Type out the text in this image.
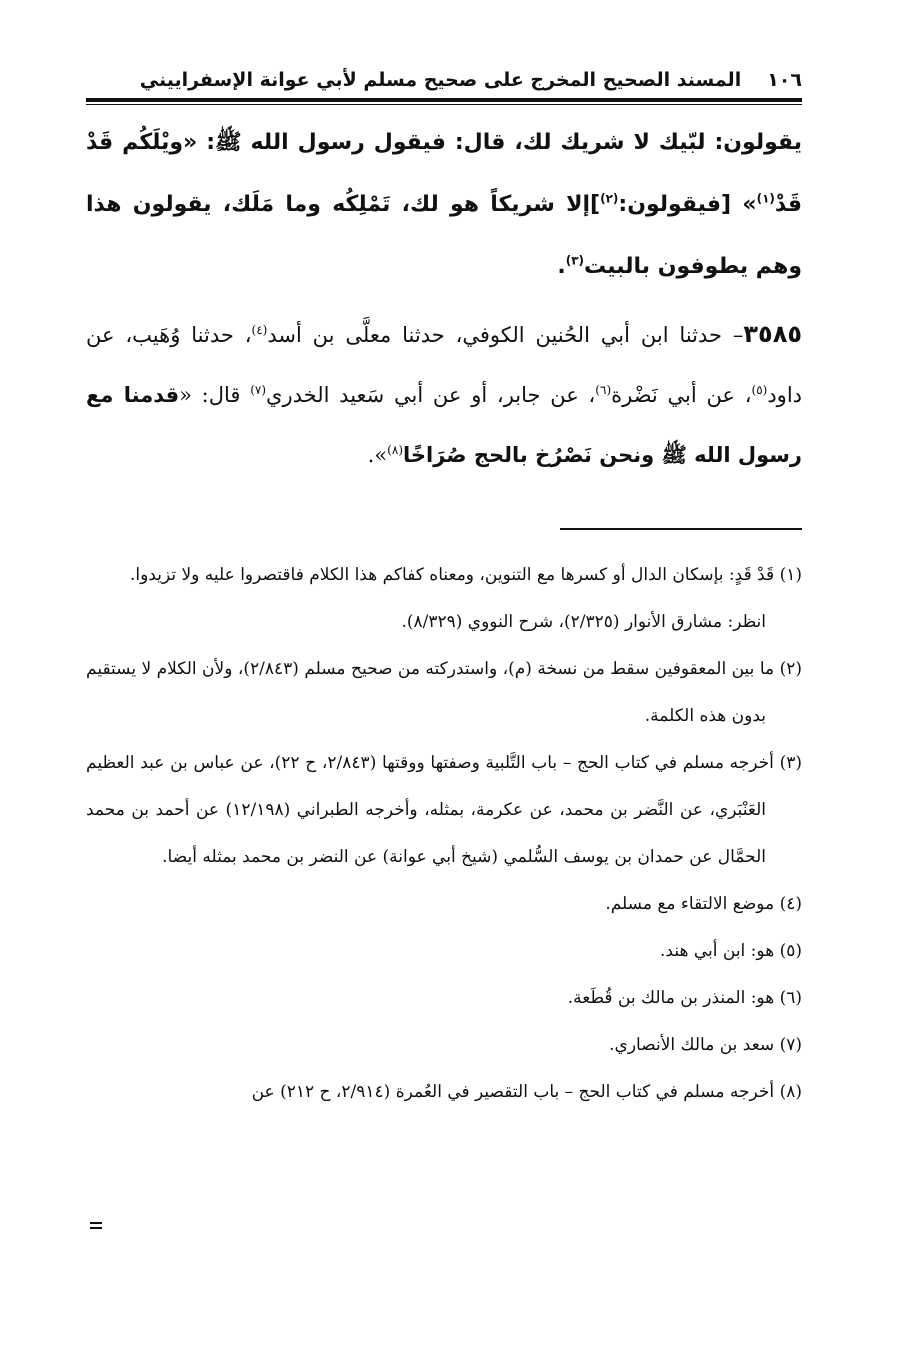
١٠٦
المسند الصحيح المخرج على صحيح مسلم لأبي عوانة الإسفراييني

يقولون: لبّيك لا شريك لك، قال: فيقول رسول الله ﷺ: «ويْلَكُم قَدْ قَدْ$^{(١)}$» [فيقولون:$^{(٢)}$]إلا شريكاً هو لك، تَمْلِكُه وما مَلَك، يقولون هذا وهم يطوفون بالبيت$^{(٣)}$.

٣٥٨٥– حدثنا ابن أبي الحُنين الكوفي، حدثنا معلَّى بن أسد$^{(٤)}$، حدثنا وُهَيب، عن داود$^{(٥)}$، عن أبي نَضْرة$^{(٦)}$، عن جابر، أو عن أبي سَعيد الخدري$^{(٧)}$ قال: «قدمنا مع رسول الله ﷺ ونحن نَصْرُخ بالحج صُرَاخًا$^{(٨)}$».

(١) قَدْ قَدٍ: بإسكان الدال أو كسرها مع التنوين، ومعناه كفاكم هذا الكلام فاقتصروا عليه ولا تزيدوا.

انظر: مشارق الأنوار (٢/٣٢٥)، شرح النووي (٨/٣٢٩).

(٢) ما بين المعقوفين سقط من نسخة (م)، واستدركته من صحيح مسلم (٢/٨٤٣)، ولأن الكلام لا يستقيم بدون هذه الكلمة.

(٣) أخرجه مسلم في كتاب الحج – باب التَّلبية وصفتها ووقتها (٢/٨٤٣، ح ٢٢)، عن عباس بن عبد العظيم العَنْبَري، عن النَّضر بن محمد، عن عكرمة، بمثله، وأخرجه الطبراني (١٢/١٩٨) عن أحمد بن محمد الحمَّال عن حمدان بن يوسف السُّلمي (شيخ أبي عوانة) عن النضر بن محمد بمثله أيضا.

(٤) موضع الالتقاء مع مسلم.

(٥) هو: ابن أبي هند.

(٦) هو: المنذر بن مالك بن قُطَعة.

(٧) سعد بن مالك الأنصاري.

(٨) أخرجه مسلم في كتاب الحج – باب التقصير في العُمرة (٢/٩١٤، ح ٢١٢) عن
